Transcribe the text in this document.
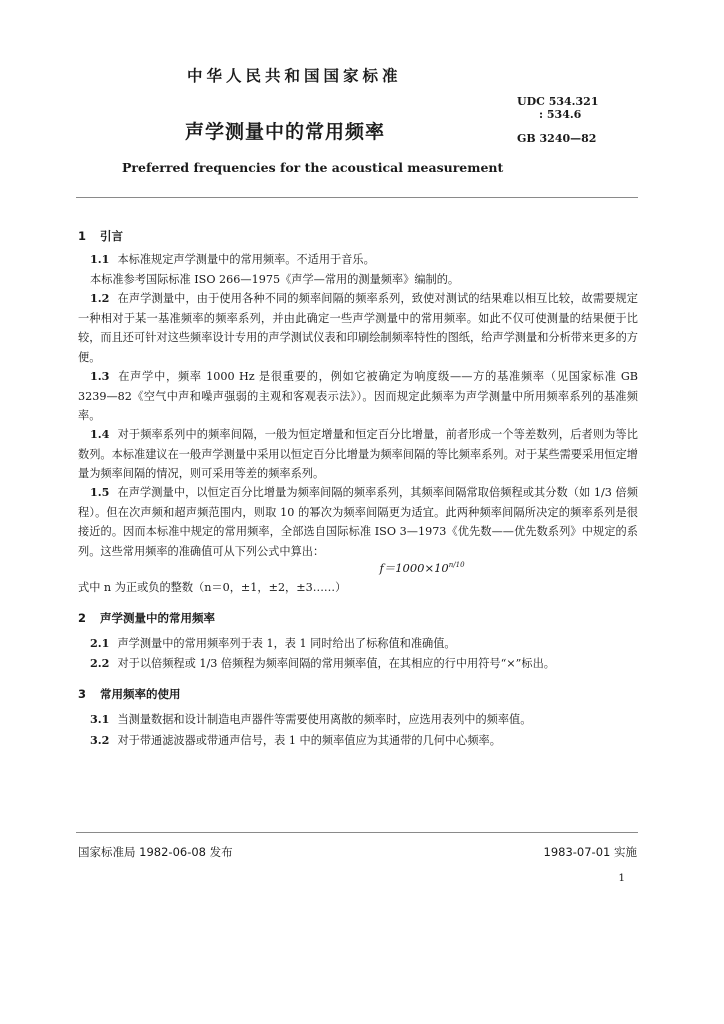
中华人民共和国国家标准
声学测量中的常用频率
UDC 534.321
: 534.6
GB 3240—82
Preferred frequencies for the acoustical measurement
1 引言
1.1 本标准规定声学测量中的常用频率。不适用于音乐。
本标准参考国际标准 ISO 266—1975《声学—常用的测量频率》编制的。
1.2 在声学测量中，由于使用各种不同的频率间隔的频率系列，致使对测试的结果难以相互比较，故需要规定一种相对于某一基准频率的频率系列，并由此确定一些声学测量中的常用频率。如此不仅可使测量的结果便于比较，而且还可针对这些频率设计专用的声学测试仪表和印刷绘制频率特性的图纸，给声学测量和分析带来更多的方便。
1.3 在声学中，频率 1000 Hz 是很重要的，例如它被确定为响度级——方的基准频率（见国家标准 GB 3239—82《空气中声和噪声强弱的主观和客观表示法》）。因而规定此频率为声学测量中所用频率系列的基准频率。
1.4 对于频率系列中的频率间隔，一般为恒定增量和恒定百分比增量，前者形成一个等差数列，后者则为等比数列。本标准建议在一般声学测量中采用以恒定百分比增量为频率间隔的等比频率系列。对于某些需要采用恒定增量为频率间隔的情况，则可采用等差的频率系列。
1.5 在声学测量中，以恒定百分比增量为频率间隔的频率系列，其频率间隔常取倍频程或其分数（如 1/3 倍频程）。但在次声频和超声频范围内，则取 10 的幂次为频率间隔更为适宜。此两种频率间隔所决定的频率系列是很接近的。因而本标准中规定的常用频率，全部选自国际标准 ISO 3—1973《优先数——优先数系列》中规定的系列。这些常用频率的准确值可从下列公式中算出：
$f=1000\times 10^{n/10}$
式中 n 为正或负的整数（n＝0，±1，±2，±3……）
2 声学测量中的常用频率
2.1 声学测量中的常用频率列于表 1，表 1 同时给出了标称值和准确值。
2.2 对于以倍频程或 1/3 倍频程为频率间隔的常用频率值，在其相应的行中用符号“×”标出。
3 常用频率的使用
3.1 当测量数据和设计制造电声器件等需要使用离散的频率时，应选用表列中的频率值。
3.2 对于带通滤波器或带通声信号，表 1 中的频率值应为其通带的几何中心频率。
国家标准局 1982-06-08 发布	1983-07-01 实施
1
